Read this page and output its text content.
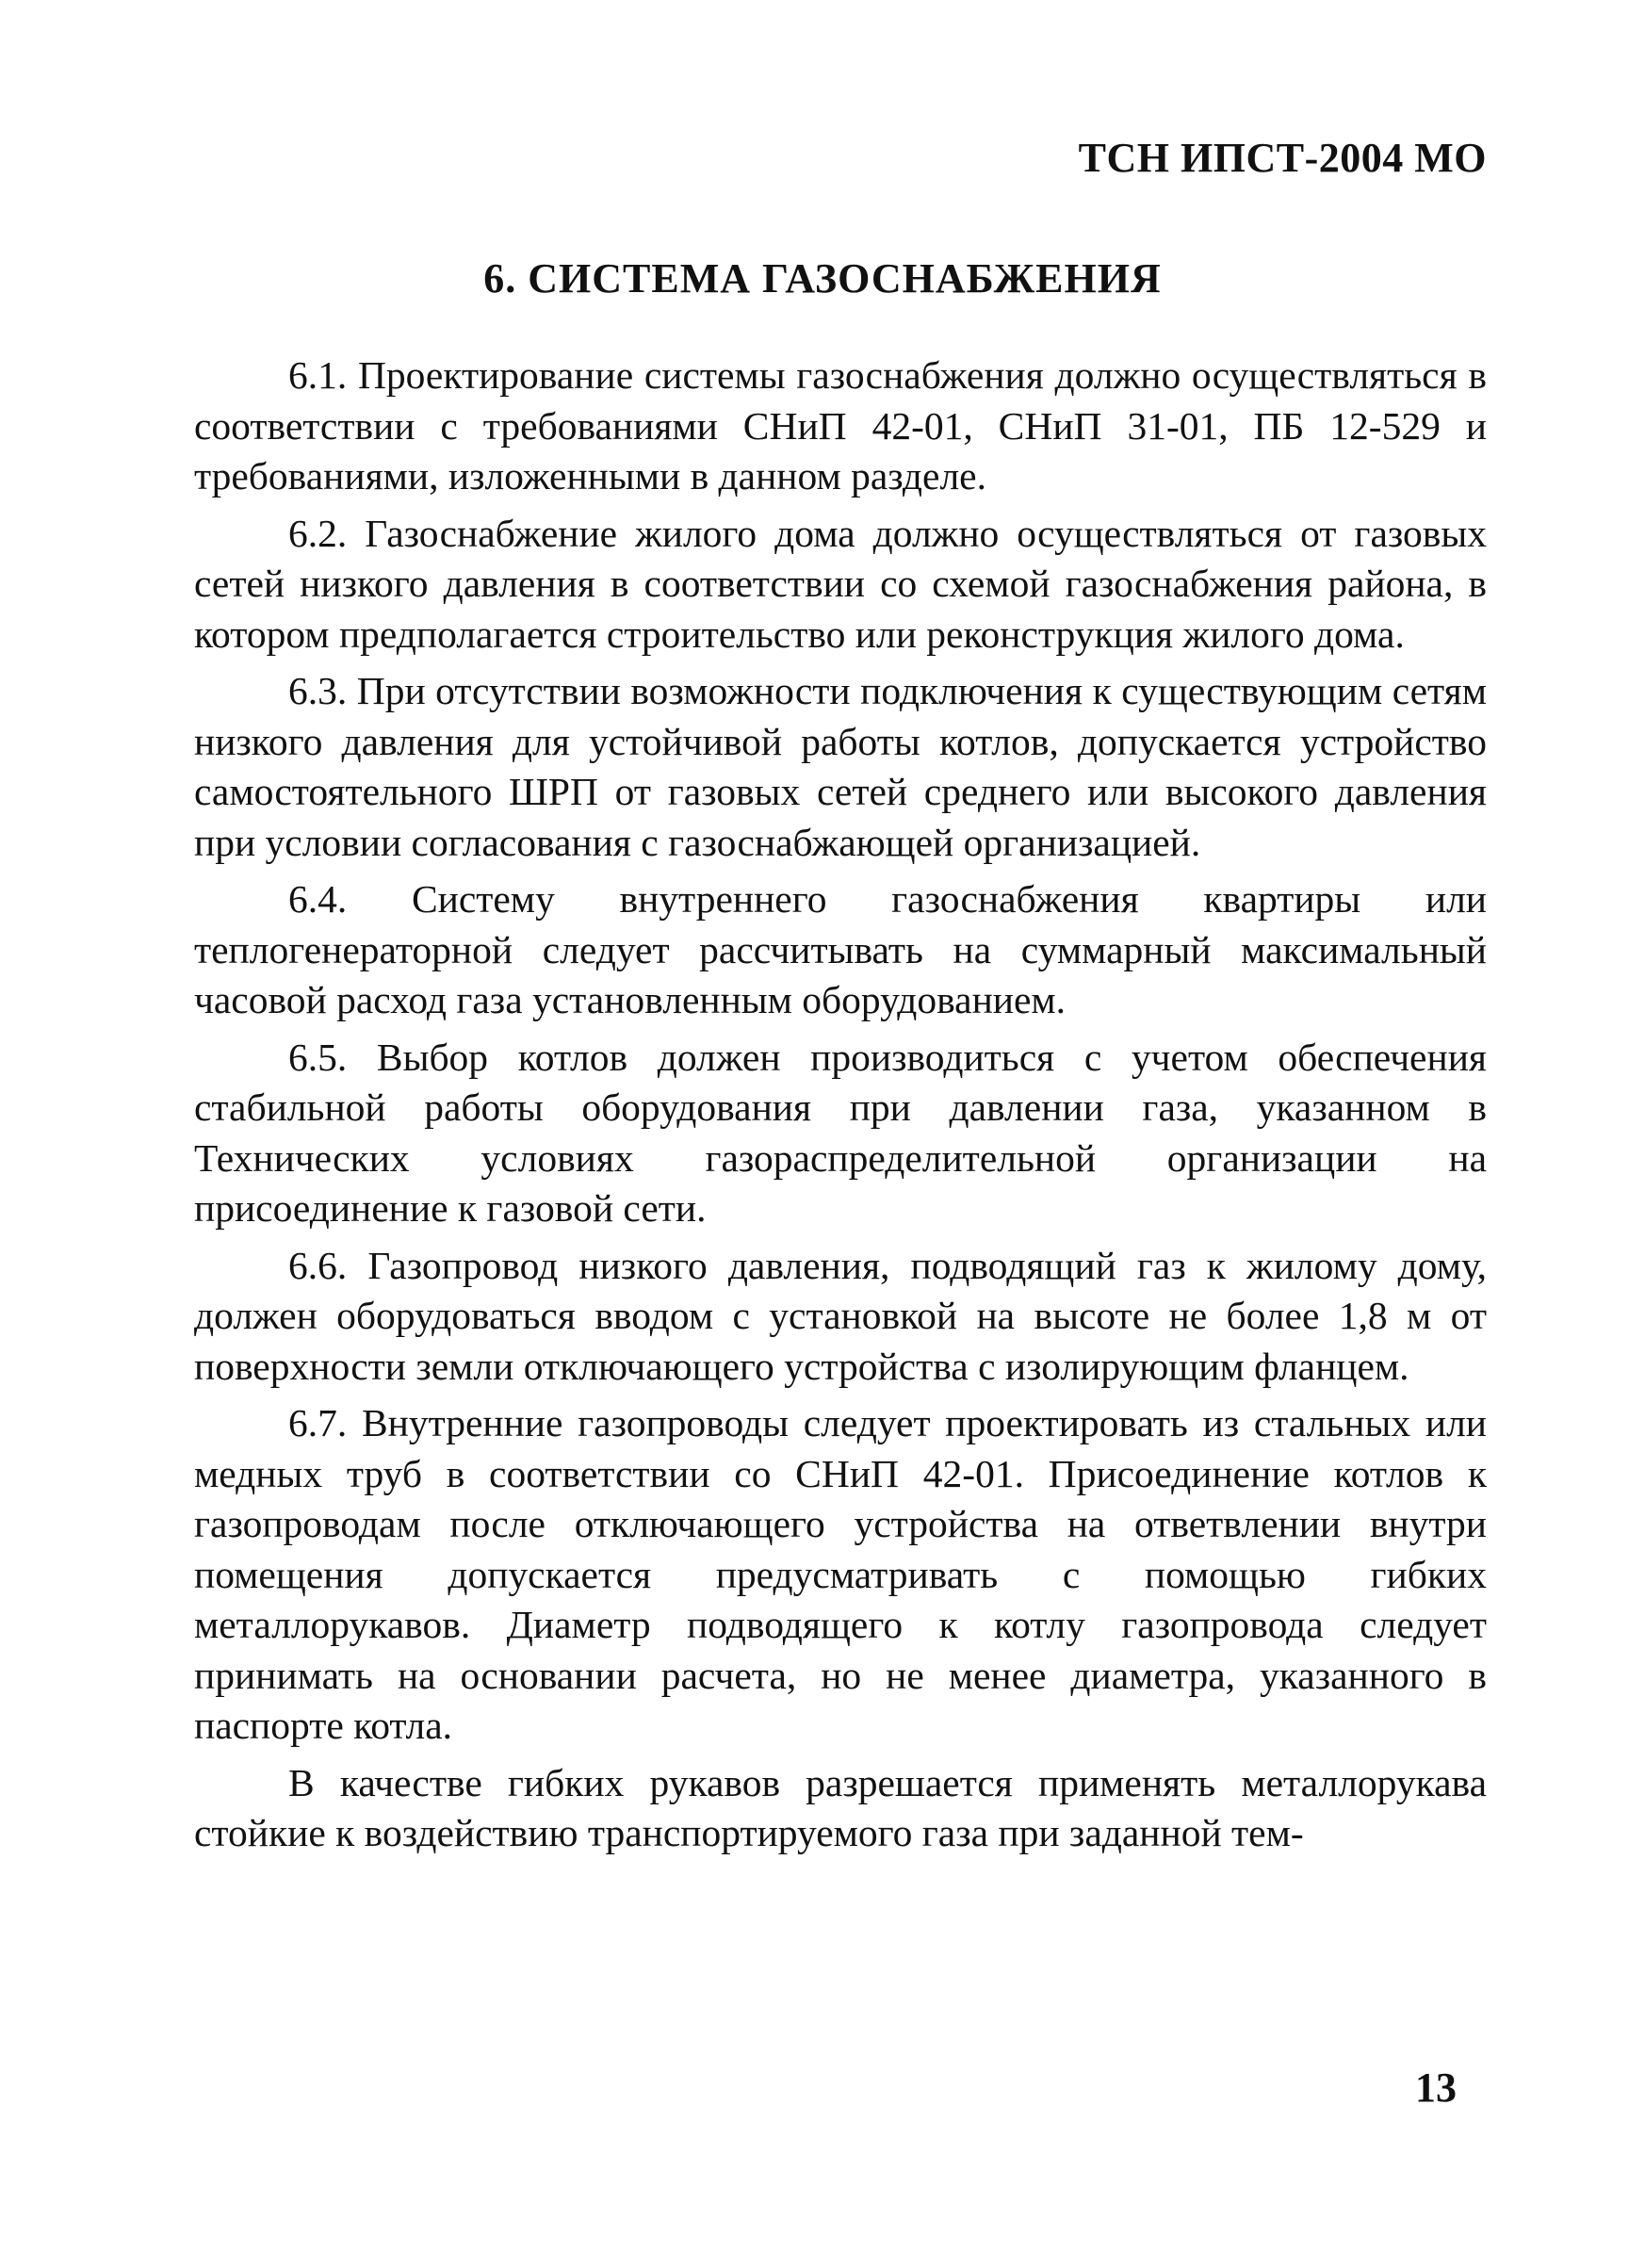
ТСН ИПСТ-2004 МО
6. СИСТЕМА ГАЗОСНАБЖЕНИЯ

6.1. Проектирование системы газоснабжения должно осуществляться в соответствии с требованиями СНиП 42-01, СНиП 31-01, ПБ 12-529 и требованиями, изложенными в данном разделе.

6.2. Газоснабжение жилого дома должно осуществляться от газовых сетей низкого давления в соответствии со схемой газоснабжения района, в котором предполагается строительство или реконструкция жилого дома.

6.3. При отсутствии возможности подключения к существующим сетям низкого давления для устойчивой работы котлов, допускается устройство самостоятельного ШРП от газовых сетей среднего или высокого давления при условии согласования с газоснабжающей организацией.

6.4. Систему внутреннего газоснабжения квартиры или теплогенераторной следует рассчитывать на суммарный максимальный часовой расход газа установленным оборудованием.

6.5. Выбор котлов должен производиться с учетом обеспечения стабильной работы оборудования при давлении газа, указанном в Технических условиях газораспределительной организации на присоединение к газовой сети.

6.6. Газопровод низкого давления, подводящий газ к жилому дому, должен оборудоваться вводом с установкой на высоте не более 1,8 м от поверхности земли отключающего устройства с изолирующим фланцем.

6.7. Внутренние газопроводы следует проектировать из стальных или медных труб в соответствии со СНиП 42-01. Присоединение котлов к газопроводам после отключающего устройства на ответвлении внутри помещения допускается предусматривать с помощью гибких металлорукавов. Диаметр подводящего к котлу газопровода следует принимать на основании расчета, но не менее диаметра, указанного в паспорте котла.

В качестве гибких рукавов разрешается применять металлорукава стойкие к воздействию транспортируемого газа при заданной тем-

13
